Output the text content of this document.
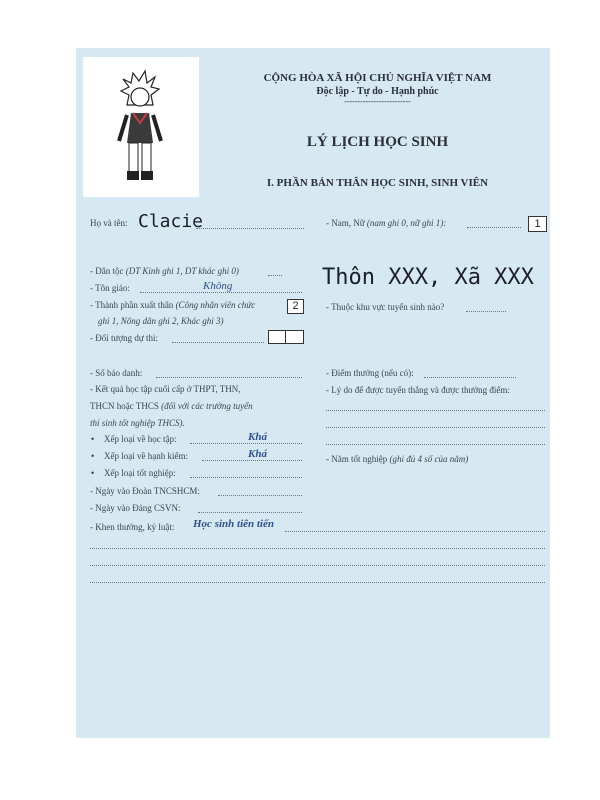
CỘNG HÒA XÃ HỘI CHỦ NGHĨA VIỆT NAM
Độc lập - Tự do - Hạnh phúc
-------------------------
LÝ LỊCH HỌC SINH
I. PHẦN BẢN THÂN HỌC SINH, SINH VIÊN
Họ và tên: Clacie	- Nam, Nữ (nam ghi 0, nữ ghi 1):	1
- Dân tộc (DT Kinh ghi 1, DT khác ghi 0)	Thôn XXX, Xã XXX
- Tôn giáo:	Không
- Thành phần xuất thân (Công nhân viên chức	2
ghi 1, Nông dân ghi 2, Khác ghi 3)
- Thuộc khu vực tuyển sinh nào?
- Đối tượng dự thi:
- Số báo danh:	- Điểm thưởng (nếu có):
- Kết quả học tập cuối cấp ở THPT, THN,
THCN hoặc THCS (đối với các trường tuyển
thí sinh tốt nghiệp THCS).
- Lý do để được tuyển thẳng và được thưởng điểm:
• Xếp loại về học tập:	Khá
• Xếp loại về hạnh kiểm:	Khá	- Năm tốt nghiệp (ghi đủ 4 số của năm)
• Xếp loại tốt nghiệp:
- Ngày vào Đoàn TNCSHCM:
- Ngày vào Đảng CSVN:
- Khen thưởng, kỷ luật: Học sinh tiên tiến
